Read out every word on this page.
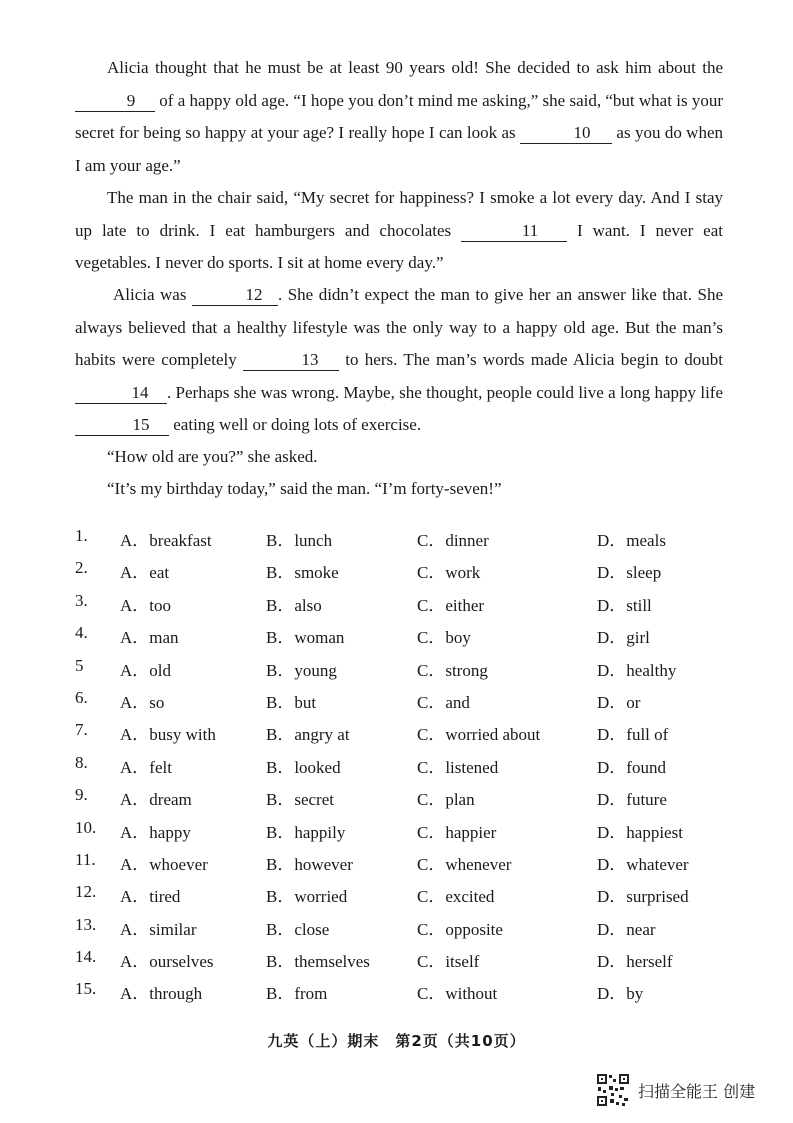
Alicia thought that he must be at least 90 years old! She decided to ask him about the 9 of a happy old age. “I hope you don’t mind me asking,” she said, “but what is your secret for being so happy at your age? I really hope I can look as	10 as you do when I am your age.”
The man in the chair said, “My secret for happiness? I smoke a lot every day. And I stay up late to drink. I eat hamburgers and chocolates	11 I want. I never eat vegetables. I never do sports. I sit at home every day.”
Alicia was	12 . She didn’t expect the man to give her an answer like that. She always believed that a healthy lifestyle was the only way to a happy old age. But the man’s habits were completely	13 to hers. The man’s words made Alicia begin to doubt 14 . Perhaps she was wrong. Maybe, she thought, people could live a long happy life 15 eating well or doing lots of exercise.
“How old are you?” she asked.
“It’s my birthday today,” said the man. “I’m forty-seven!”
1. A．breakfast	B．lunch	C．dinner	D．meals
2. A．eat	B．smoke	C．work	D．sleep
3. A．too	B．also	C．either	D．still
4. A．man	B．woman	C．boy	D．girl
5 A．old	B．young	C．strong	D．healthy
6. A．so	B．but	C．and	D．or
7. A．busy with	B．angry at	C．worried about	D．full of
8. A．felt	B．looked	C．listened	D．found
9. A．dream	B．secret	C．plan	D．future
10. A．happy	B．happily	C．happier	D．happiest
11. A．whoever	B．however	C．whenever	D．whatever
12. A．tired	B．worried	C．excited	D．surprised
13. A．similar	B．close	C．opposite	D．near
14. A．ourselves	B．themselves	C．itself	D．herself
15. A．through	B．from	C．without	D．by
九英（上）期末　第2页（共10页）
扫描全能王 创建
